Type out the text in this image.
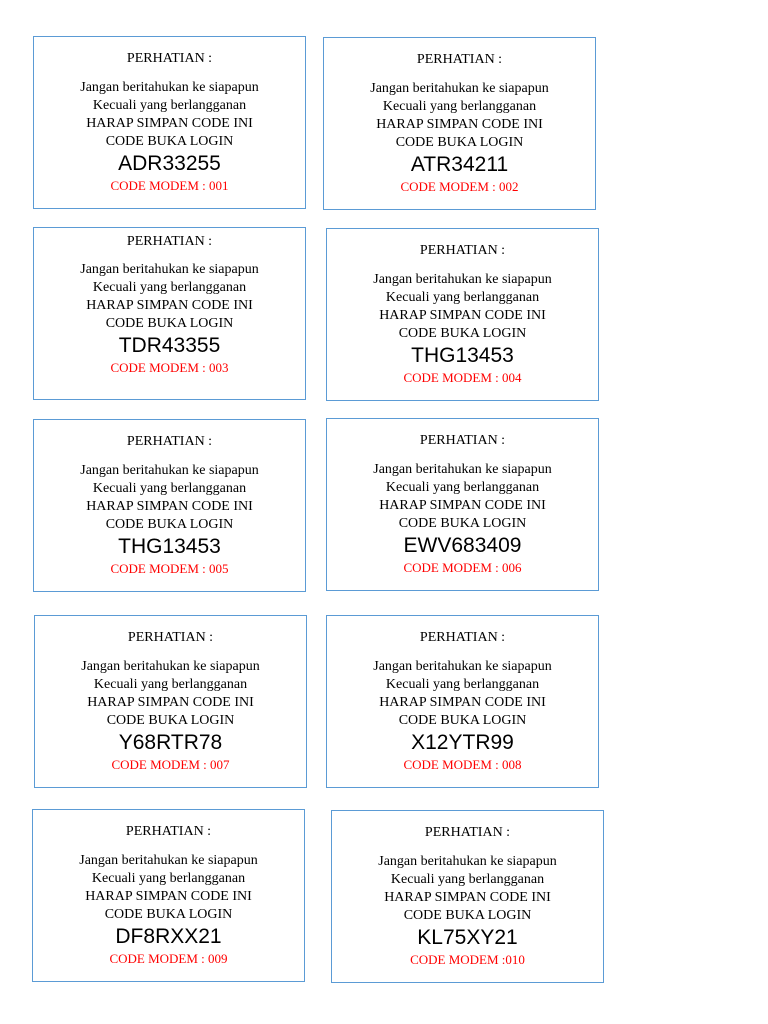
PERHATIAN :
Jangan beritahukan ke siapapun
Kecuali yang berlangganan
HARAP SIMPAN CODE INI
CODE BUKA LOGIN
ADR33255
CODE MODEM : 001
PERHATIAN :
Jangan beritahukan ke siapapun
Kecuali yang berlangganan
HARAP SIMPAN CODE INI
CODE BUKA LOGIN
ATR34211
CODE MODEM : 002
PERHATIAN :
Jangan beritahukan ke siapapun
Kecuali yang berlangganan
HARAP SIMPAN CODE INI
CODE BUKA LOGIN
TDR43355
CODE MODEM : 003
PERHATIAN :
Jangan beritahukan ke siapapun
Kecuali yang berlangganan
HARAP SIMPAN CODE INI
CODE BUKA LOGIN
THG13453
CODE MODEM : 004
PERHATIAN :
Jangan beritahukan ke siapapun
Kecuali yang berlangganan
HARAP SIMPAN CODE INI
CODE BUKA LOGIN
THG13453
CODE MODEM : 005
PERHATIAN :
Jangan beritahukan ke siapapun
Kecuali yang berlangganan
HARAP SIMPAN CODE INI
CODE BUKA LOGIN
EWV683409
CODE MODEM : 006
PERHATIAN :
Jangan beritahukan ke siapapun
Kecuali yang berlangganan
HARAP SIMPAN CODE INI
CODE BUKA LOGIN
Y68RTR78
CODE MODEM : 007
PERHATIAN :
Jangan beritahukan ke siapapun
Kecuali yang berlangganan
HARAP SIMPAN CODE INI
CODE BUKA LOGIN
X12YTR99
CODE MODEM : 008
PERHATIAN :
Jangan beritahukan ke siapapun
Kecuali yang berlangganan
HARAP SIMPAN CODE INI
CODE BUKA LOGIN
DF8RXX21
CODE MODEM : 009
PERHATIAN :
Jangan beritahukan ke siapapun
Kecuali yang berlangganan
HARAP SIMPAN CODE INI
CODE BUKA LOGIN
KL75XY21
CODE MODEM :010
